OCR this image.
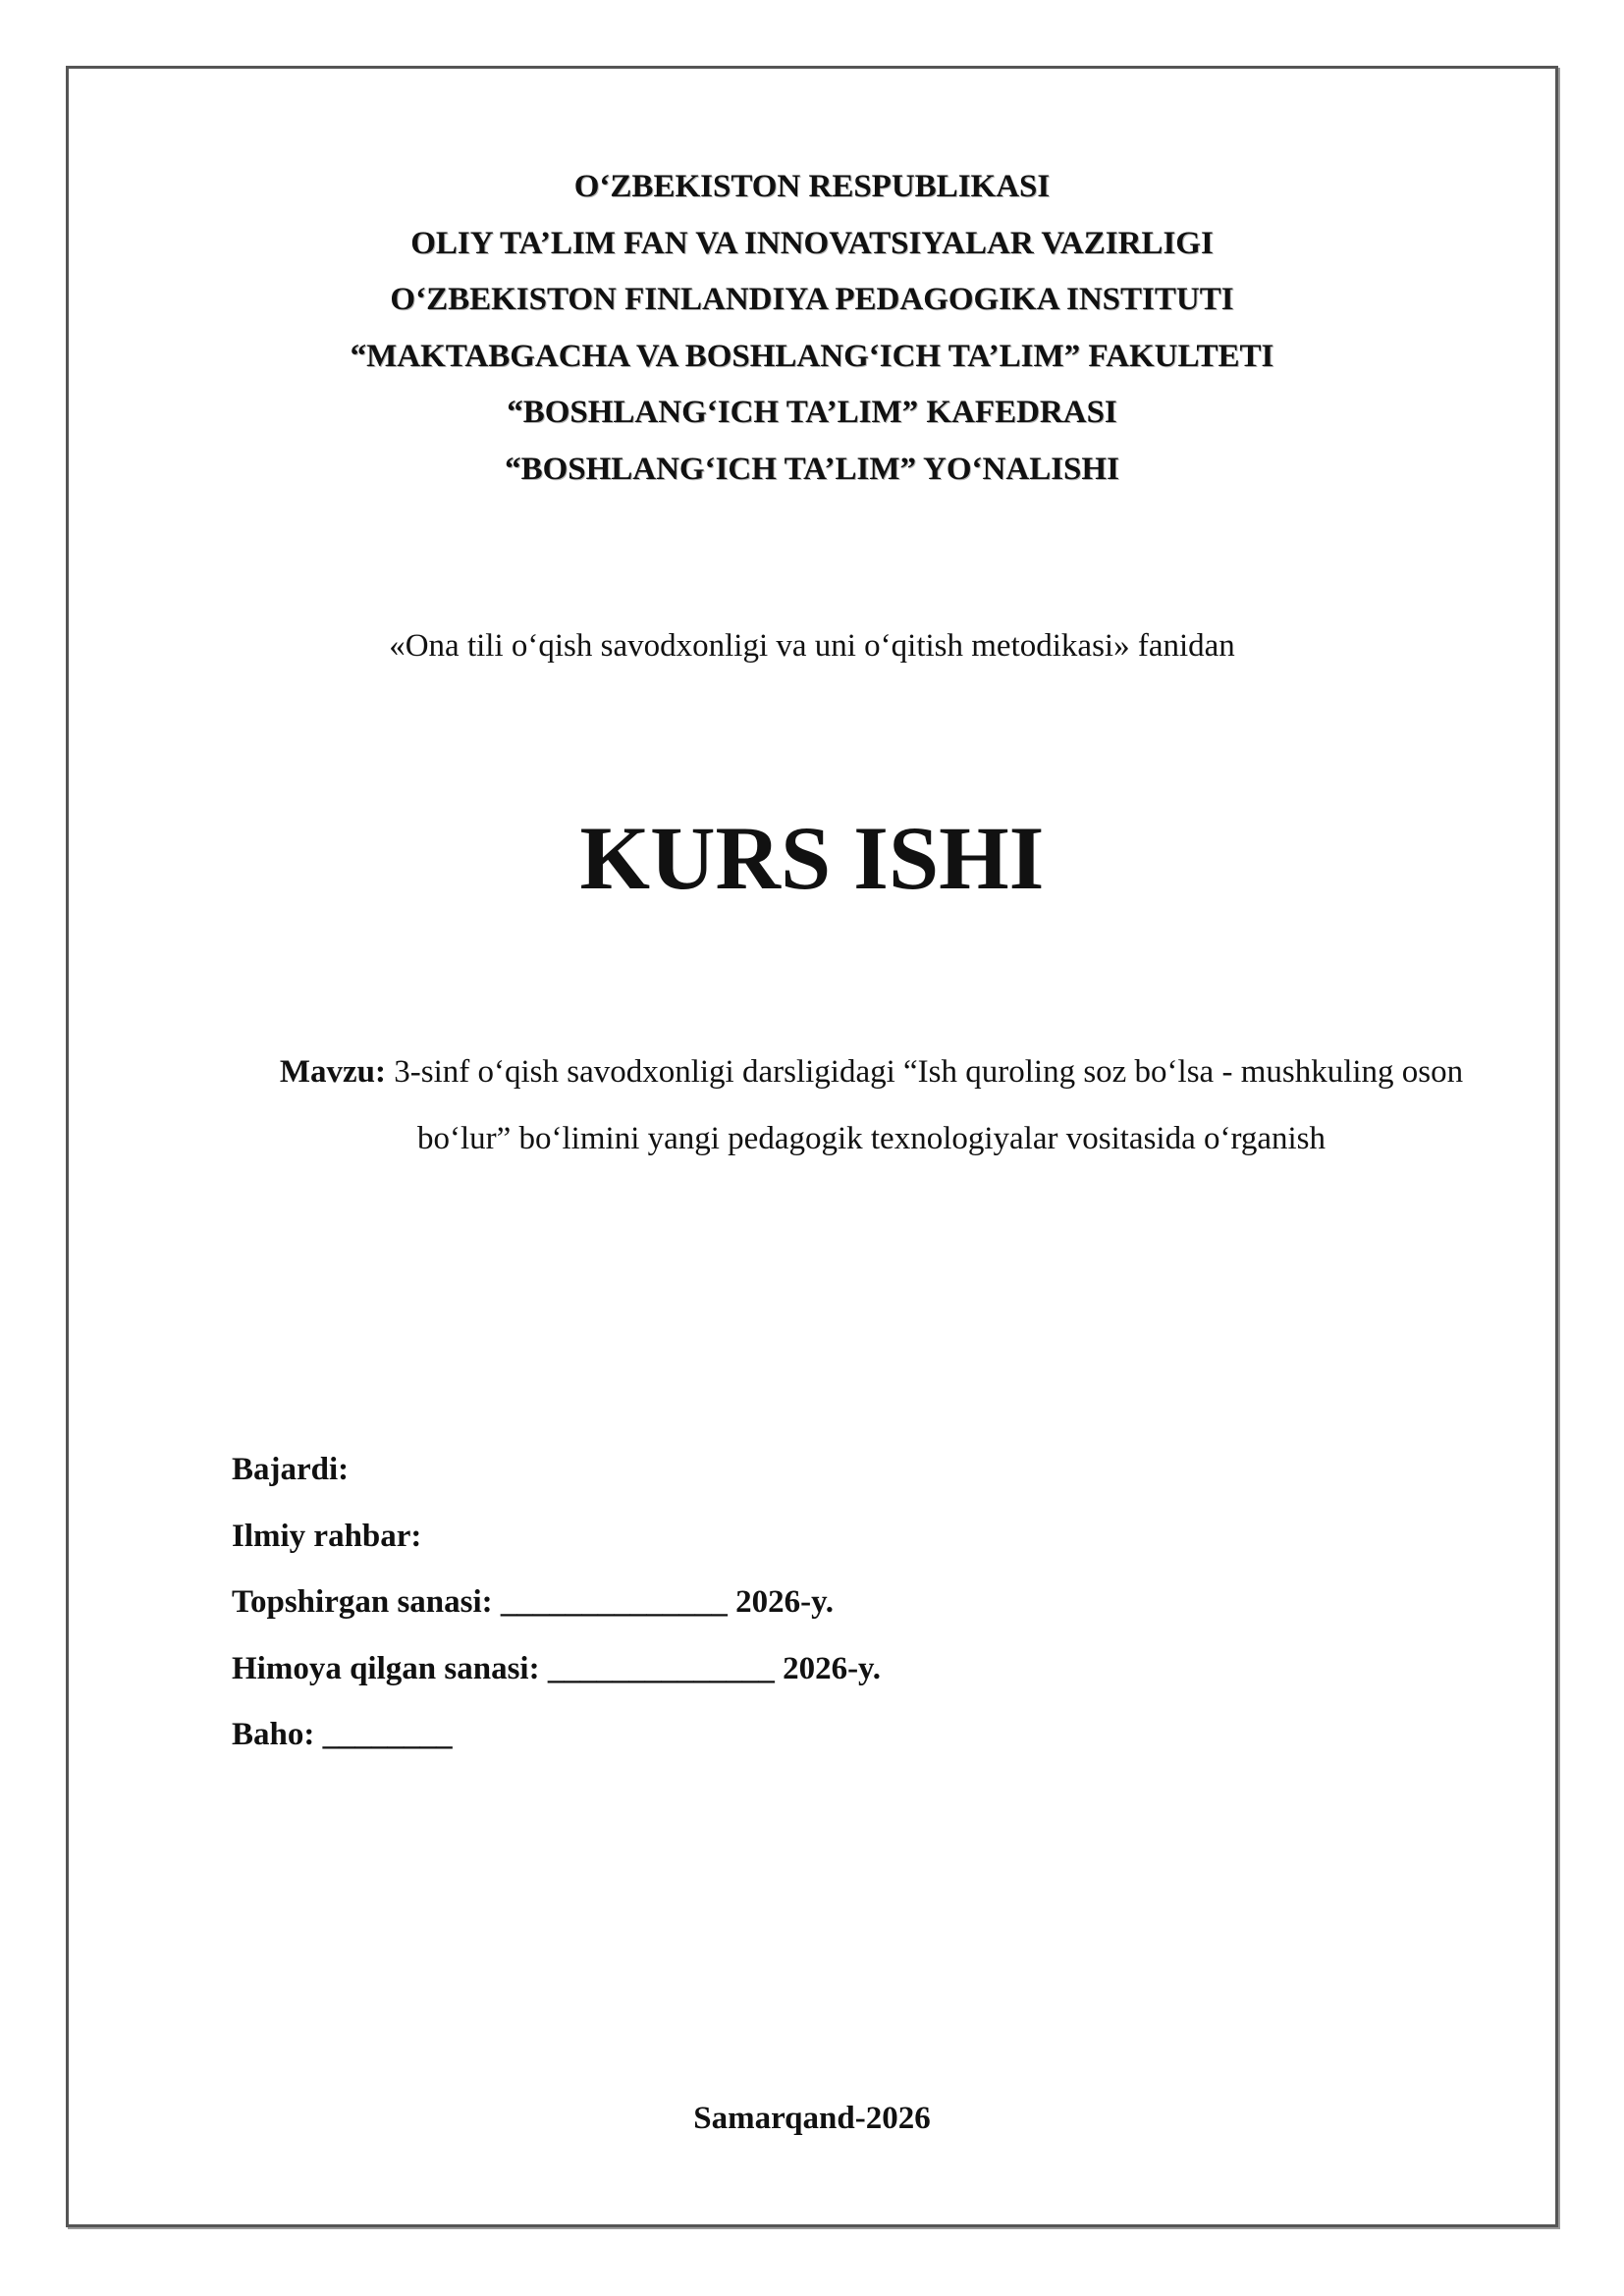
O‘ZBEKISTON RESPUBLIKASI
OLIY TA’LIM FAN VA INNOVATSIYALAR VAZIRLIGI
O‘ZBEKISTON FINLANDIYA PEDAGOGIKA INSTITUTI
“MAKTABGACHA VA BOSHLANG‘ICH TA’LIM” FAKULTETI
“BOSHLANG‘ICH TA’LIM” KAFEDRASI
“BOSHLANG‘ICH TA’LIM” YO‘NALISHI
«Ona tili o‘qish savodxonligi va uni o‘qitish metodikasi» fanidan
KURS ISHI
Mavzu: 3-sinf o‘qish savodxonligi darsligidagi “Ish quroling soz bo‘lsa - mushkuling oson bo‘lur” bo‘limini yangi pedagogik texnologiyalar vositasida o‘rganish
Bajardi:
Ilmiy rahbar:
Topshirgan sanasi: ______________ 2026-y.
Himoya qilgan sanasi: ______________ 2026-y.
Baho: ________
Samarqand-2026
